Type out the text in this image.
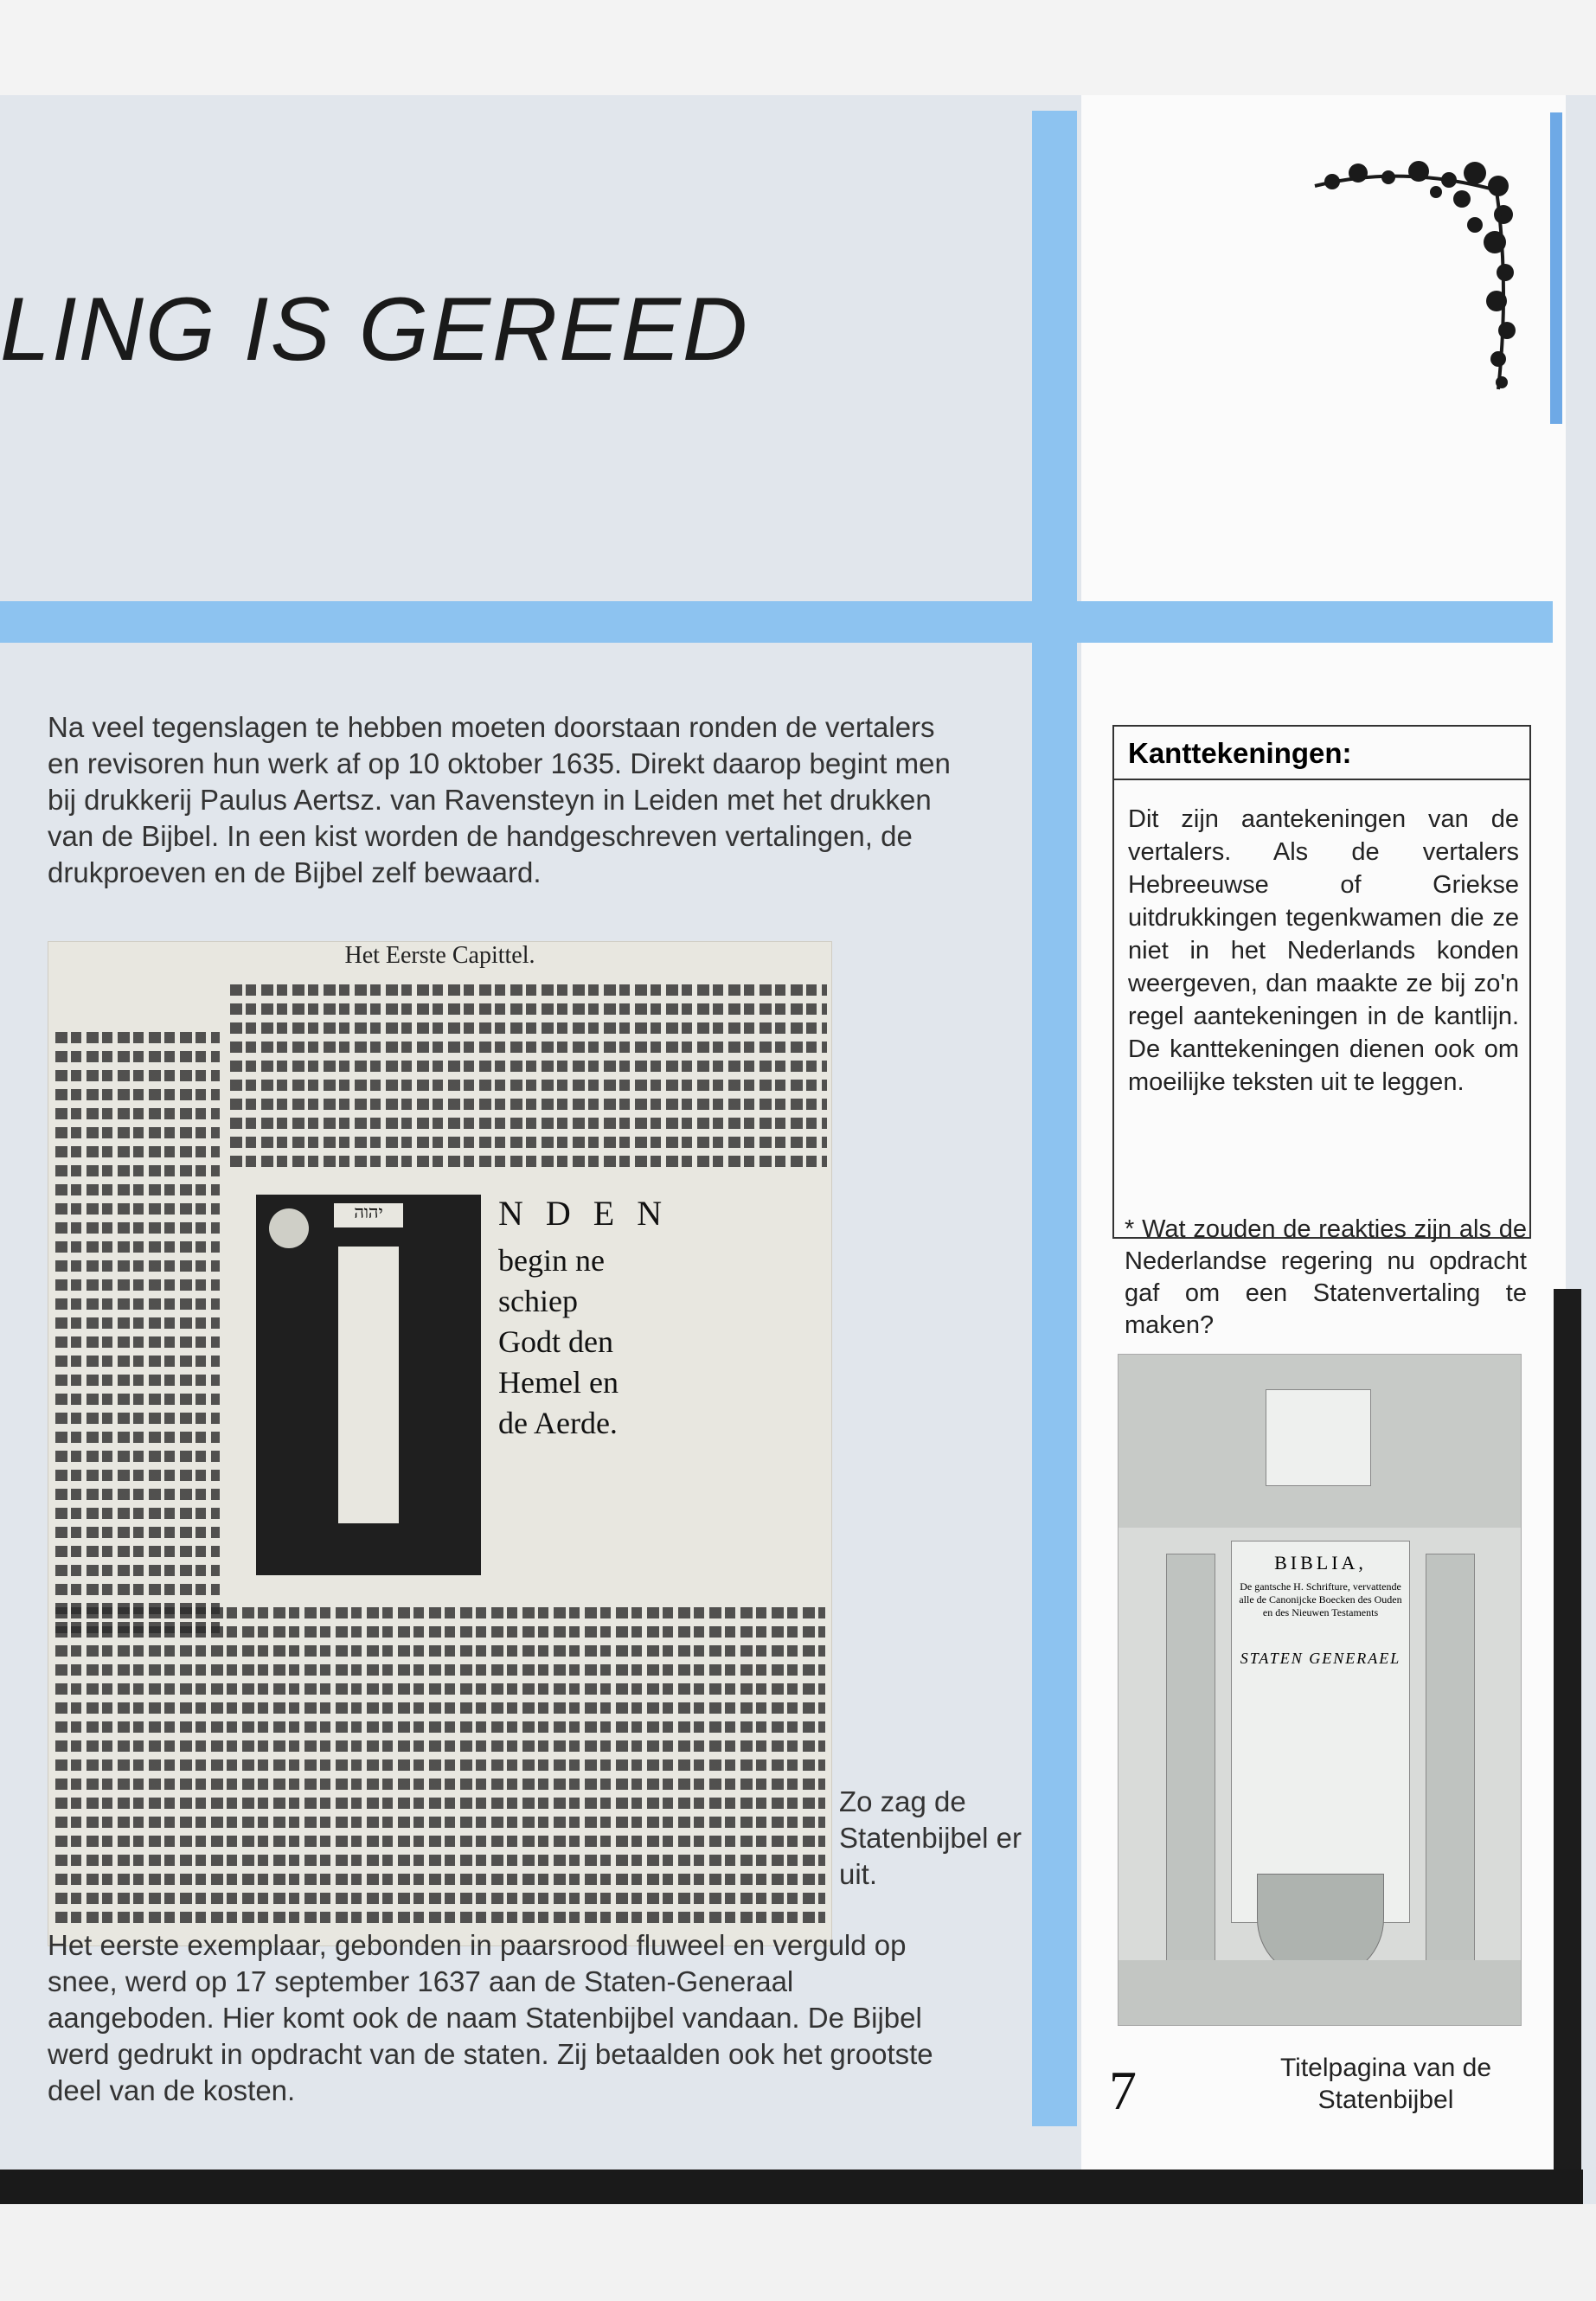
LING IS GEREED
Na veel tegenslagen te hebben moeten doorstaan ronden de vertalers en revisoren hun werk af op 10 oktober 1635. Direkt daarop begint men bij drukkerij Paulus Aertsz. van Ravensteyn in Leiden met het drukken van de Bijbel. In een kist worden de handgeschreven vertalingen, de drukproeven en de Bijbel zelf bewaard.
Het Eerste Capittel.
יהוה	N D E N
begin ne schiep Godt den Hemel en de Aerde.
Zo zag de Statenbijbel er uit.
Het eerste exemplaar, gebonden in paarsrood fluweel en verguld op snee, werd op 17 september 1637 aan de Staten-Generaal aangeboden. Hier komt ook de naam Statenbijbel vandaan. De Bijbel werd gedrukt in opdracht van de staten. Zij betaalden ook het grootste deel van de kosten.
Kanttekeningen:
Dit zijn aantekeningen van de vertalers. Als de vertalers Hebreeuwse of Griekse uitdrukkingen tegenkwamen die ze niet in het Nederlands konden weergeven, dan maakte ze bij zo'n regel aantekeningen in de kantlijn. De kanttekeningen dienen ook om moeilijke teksten uit te leggen.
* Wat zouden de reakties zijn als de Nederlandse regering nu opdracht gaf om een Statenvertaling te maken?
BIBLIA,
De gantsche H. Schrifture, vervattende alle de Canonijcke Boecken des Ouden en des Nieuwen Testaments
STATEN GENERAEL
Titelpagina van de Statenbijbel
7
